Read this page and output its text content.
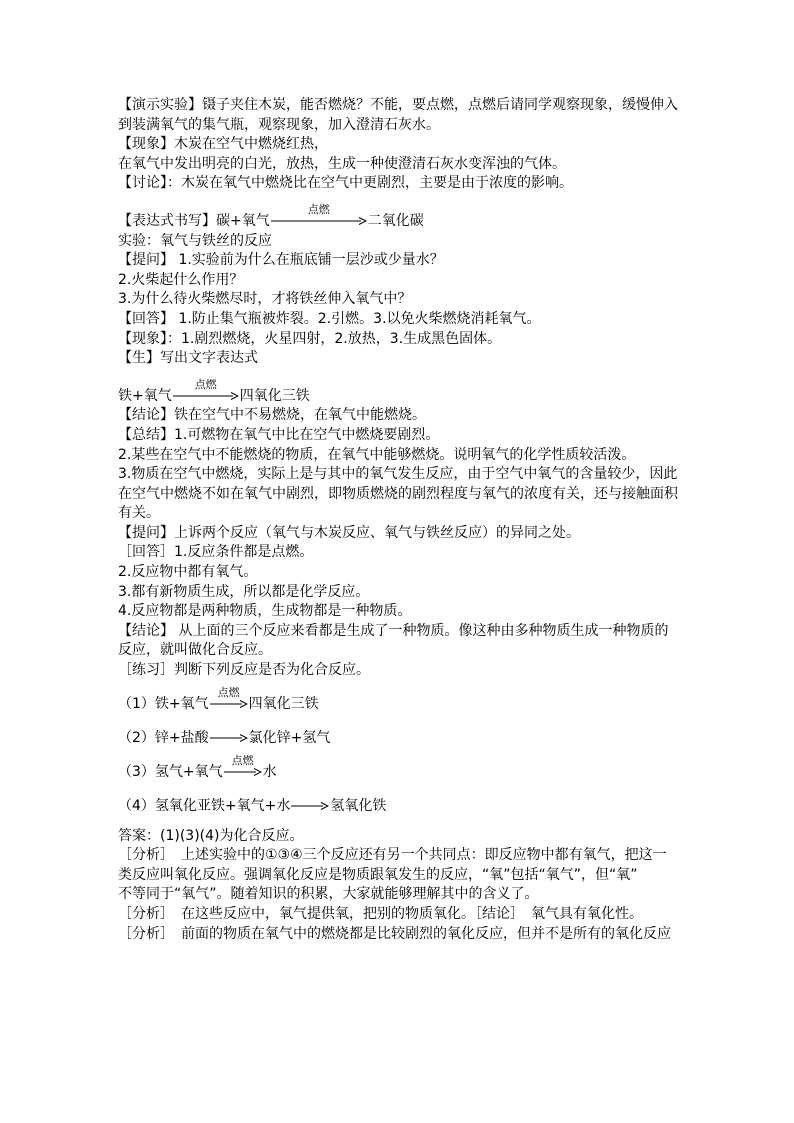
【演示实验】镊子夹住木炭，能否燃烧？不能，要点燃，点燃后请同学观察现象，缓慢伸入
到装满氧气的集气瓶，观察现象，加入澄清石灰水。
【现象】木炭在空气中燃烧红热，
在氧气中发出明亮的白光，放热，生成一种使澄清石灰水变浑浊的气体。
【讨论】：木炭在氧气中燃烧比在空气中更剧烈，主要是由于浓度的影响。
【表达式书写】碳+氧气
点燃
二氧化碳
实验：氧气与铁丝的反应
【提问】 1.实验前为什么在瓶底铺一层沙或少量水？
2.火柴起什么作用？
3.为什么待火柴燃尽时，才将铁丝伸入氧气中？
【回答】 1.防止集气瓶被炸裂。2.引燃。3.以免火柴燃烧消耗氧气。
【现象】：1.剧烈燃烧，火星四射，2.放热，3.生成黑色固体。
【生】写出文字表达式
铁+氧气
点燃
四氧化三铁
【结论】铁在空气中不易燃烧，在氧气中能燃烧。
【总结】1.可燃物在氧气中比在空气中燃烧要剧烈。
2.某些在空气中不能燃烧的物质，在氧气中能够燃烧。说明氧气的化学性质较活泼。
3.物质在空气中燃烧，实际上是与其中的氧气发生反应，由于空气中氧气的含量较少，因此
在空气中燃烧不如在氧气中剧烈，即物质燃烧的剧烈程度与氧气的浓度有关，还与接触面积
有关。
【提问】上诉两个反应（氧气与木炭反应、氧气与铁丝反应）的异同之处。
［回答］1.反应条件都是点燃。
2.反应物中都有氧气。
3.都有新物质生成，所以都是化学反应。
4.反应物都是两种物质，生成物都是一种物质。
【结论】 从上面的三个反应来看都是生成了一种物质。像这种由多种物质生成一种物质的
反应，就叫做化合反应。
［练习］判断下列反应是否为化合反应。
（1）铁+氧气
点燃
四氧化三铁
（2）锌+盐酸→氯化锌+氢气
（3）氢气+氧气
点燃
水
（4）氢氧化亚铁+氧气+水→氢氧化铁
答案：(1)(3)(4)为化合反应。
［分析］　上述实验中的①③④三个反应还有另一个共同点：即反应物中都有氧气，把这一
类反应叫氧化反应。强调氧化反应是物质跟氧发生的反应，“氧”包括“氧气”，但“氧”
不等同于“氧气”。随着知识的积累，大家就能够理解其中的含义了。
［分析］　在这些反应中，氧气提供氧，把别的物质氧化。［结论］　氧气具有氧化性。
［分析］　前面的物质在氧气中的燃烧都是比较剧烈的氧化反应，但并不是所有的氧化反应
